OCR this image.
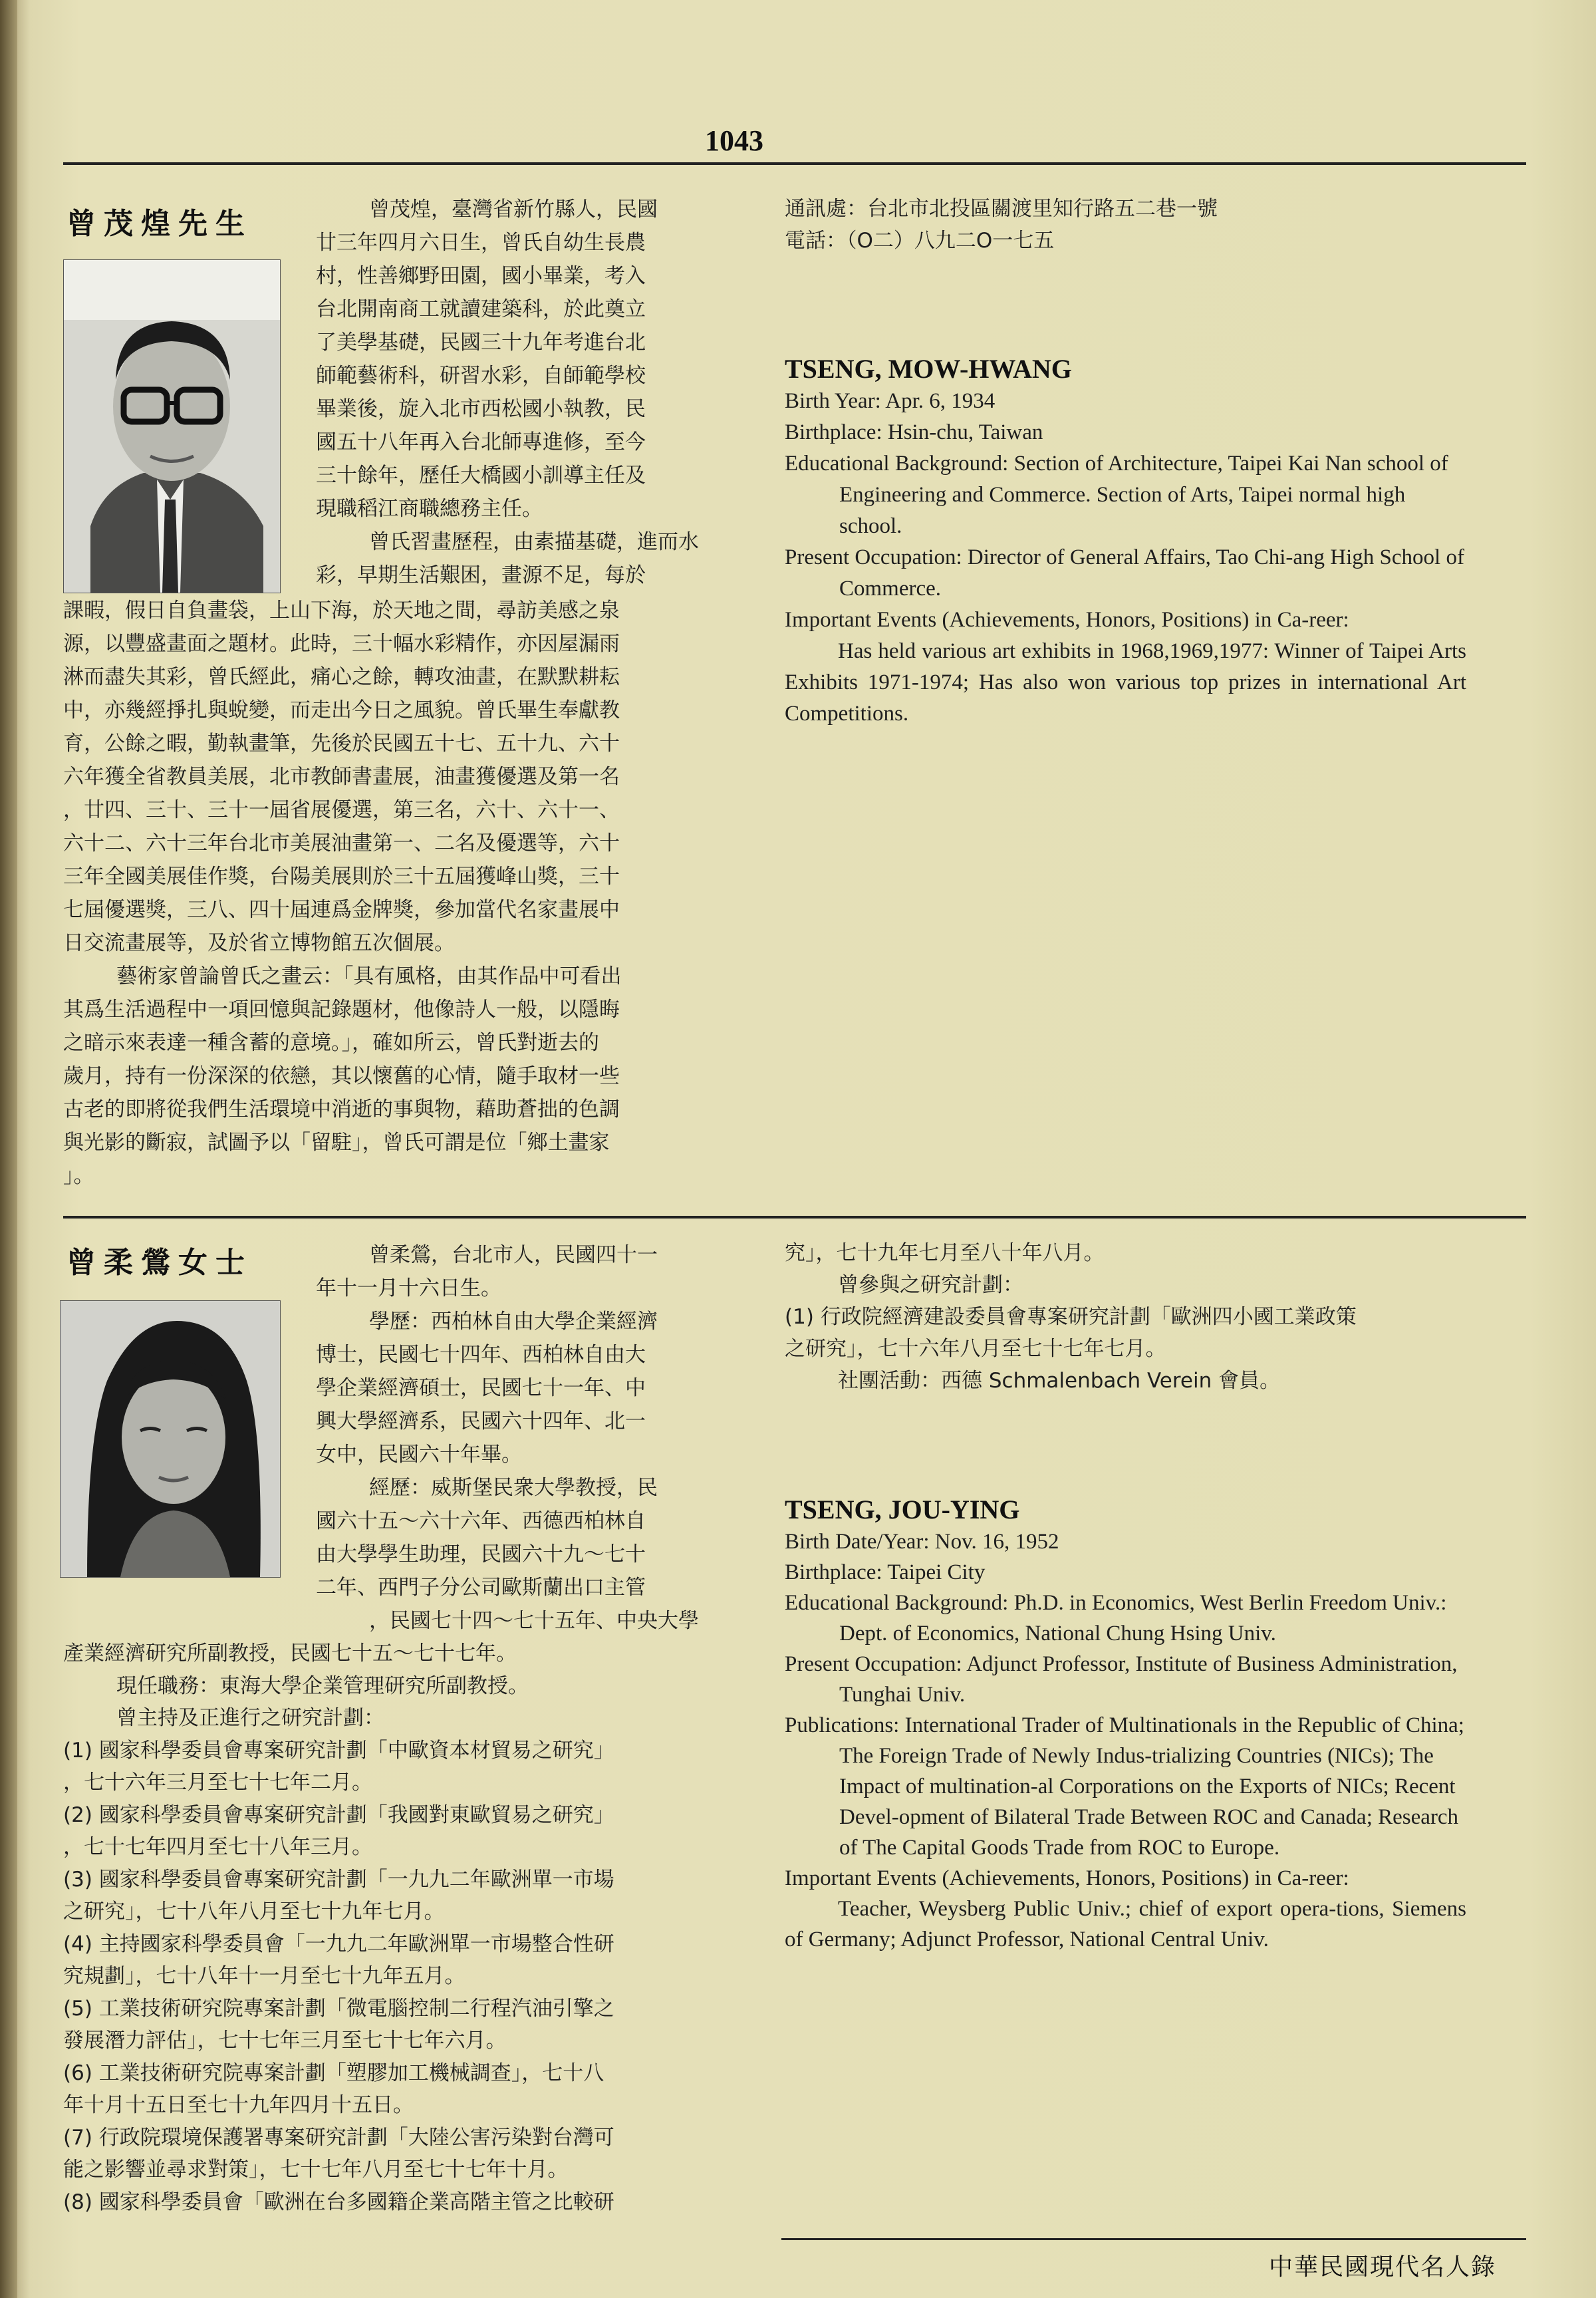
1043
曾茂煌先生	曾茂煌，臺灣省新竹縣人，民國
廿三年四月六日生，曾氏自幼生長農
村，性善鄉野田園，國小畢業，考入
台北開南商工就讀建築科，於此奠立
了美學基礎，民國三十九年考進台北
師範藝術科，研習水彩，自師範學校
畢業後，旋入北市西松國小執教，民
國五十八年再入台北師專進修，至今
三十餘年，歷任大橋國小訓導主任及
現職稻江商職總務主任。
曾氏習畫歷程，由素描基礎，進而水
彩，早期生活艱困，畫源不足，每於
課暇，假日自負畫袋，上山下海，於天地之間，尋訪美感之泉
源，以豐盛畫面之題材。此時，三十幅水彩精作，亦因屋漏雨
淋而盡失其彩，曾氏經此，痛心之餘，轉攻油畫，在默默耕耘
中，亦幾經掙扎與蛻變，而走出今日之風貌。曾氏畢生奉獻教
育，公餘之暇，勤執畫筆，先後於民國五十七、五十九、六十
六年獲全省教員美展，北市教師書畫展，油畫獲優選及第一名
，廿四、三十、三十一屆省展優選，第三名，六十、六十一、
六十二、六十三年台北市美展油畫第一、二名及優選等，六十
三年全國美展佳作獎，台陽美展則於三十五屆獲峰山獎，三十
七屆優選獎，三八、四十屆連爲金牌獎，參加當代名家畫展中
日交流畫展等，及於省立博物館五次個展。
藝術家曾論曾氏之畫云：「具有風格，由其作品中可看出
其爲生活過程中一項回憶與記錄題材，他像詩人一般，以隱晦
之暗示來表達一種含蓄的意境。」，確如所云，曾氏對逝去的
歲月，持有一份深深的依戀，其以懷舊的心情，隨手取材一些
古老的即將從我們生活環境中消逝的事與物，藉助蒼拙的色調
與光影的斷寂，試圖予以「留駐」，曾氏可謂是位「鄉土畫家
」。
通訊處：台北市北投區關渡里知行路五二巷一號
電話：（O二）八九二O一七五
TSENG, MOW-HWANG
Birth Year: Apr. 6, 1934
Birthplace: Hsin-chu, Taiwan
Educational Background: Section of Architecture, Taipei Kai Nan school of Engineering and Commerce. Section of Arts, Taipei normal high school.
Present Occupation: Director of General Affairs, Tao Chi-ang High School of Commerce.
Important Events (Achievements, Honors, Positions) in Ca-reer:
Has held various art exhibits in 1968,1969,1977: Winner of Taipei Arts Exhibits 1971-1974; Has also won various top prizes in international Art Competitions.
曾柔鶯女士	曾柔鶯，台北市人，民國四十一
年十一月十六日生。
學歷：西柏林自由大學企業經濟
博士，民國七十四年、西柏林自由大
學企業經濟碩士，民國七十一年、中
興大學經濟系，民國六十四年、北一
女中，民國六十年畢。
經歷：威斯堡民衆大學教授，民
國六十五～六十六年、西德西柏林自
由大學學生助理，民國六十九～七十
二年、西門子分公司歐斯蘭出口主管
，民國七十四～七十五年、中央大學
產業經濟研究所副教授，民國七十五～七十七年。
現任職務：東海大學企業管理研究所副教授。
曾主持及正進行之研究計劃：
(1) 國家科學委員會專案研究計劃「中歐資本材貿易之研究」
，七十六年三月至七十七年二月。
(2) 國家科學委員會專案研究計劃「我國對東歐貿易之研究」
，七十七年四月至七十八年三月。
(3) 國家科學委員會專案研究計劃「一九九二年歐洲單一市場
之研究」，七十八年八月至七十九年七月。
(4) 主持國家科學委員會「一九九二年歐洲單一市場整合性研
究規劃」，七十八年十一月至七十九年五月。
(5) 工業技術研究院專案計劃「微電腦控制二行程汽油引擎之
發展潛力評估」，七十七年三月至七十七年六月。
(6) 工業技術研究院專案計劃「塑膠加工機械調查」，七十八
年十月十五日至七十九年四月十五日。
(7) 行政院環境保護署專案研究計劃「大陸公害污染對台灣可
能之影響並尋求對策」，七十七年八月至七十七年十月。
(8) 國家科學委員會「歐洲在台多國籍企業高階主管之比較研
究」，七十九年七月至八十年八月。
曾參與之研究計劃：
(1) 行政院經濟建設委員會專案研究計劃「歐洲四小國工業政策
之研究」，七十六年八月至七十七年七月。
社團活動：西德 Schmalenbach Verein 會員。
TSENG, JOU-YING
Birth Date/Year: Nov. 16, 1952
Birthplace: Taipei City
Educational Background: Ph.D. in Economics, West Berlin Freedom Univ.: Dept. of Economics, National Chung Hsing Univ.
Present Occupation: Adjunct Professor, Institute of Business Administration, Tunghai Univ.
Publications: International Trader of Multinationals in the Republic of China; The Foreign Trade of Newly Indus-trializing Countries (NICs); The Impact of multination-al Corporations on the Exports of NICs; Recent Devel-opment of Bilateral Trade Between ROC and Canada; Research of The Capital Goods Trade from ROC to Europe.
Important Events (Achievements, Honors, Positions) in Ca-reer:
Teacher, Weysberg Public Univ.; chief of export opera-tions, Siemens of Germany; Adjunct Professor, National Central Univ.
中華民國現代名人錄
